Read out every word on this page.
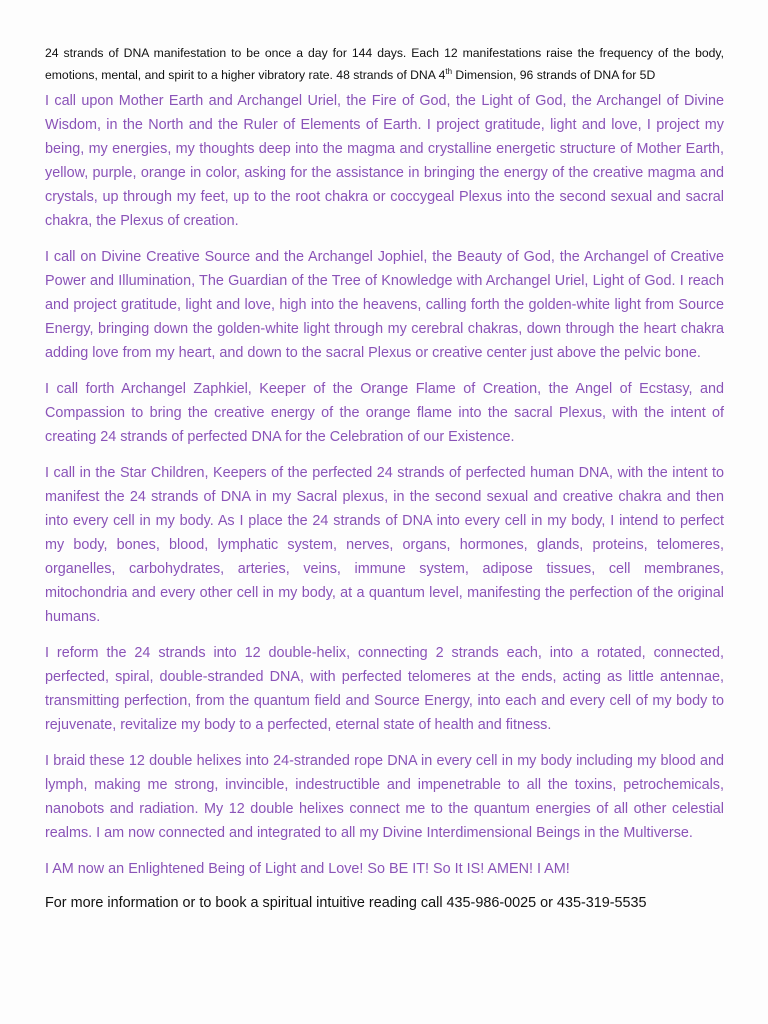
24 strands of DNA manifestation to be once a day for 144 days. Each 12 manifestations raise the frequency of the body, emotions, mental, and spirit to a higher vibratory rate. 48 strands of DNA 4th Dimension, 96 strands of DNA for 5D

I call upon Mother Earth and Archangel Uriel, the Fire of God, the Light of God, the Archangel of Divine Wisdom, in the North and the Ruler of Elements of Earth. I project gratitude, light and love, I project my being, my energies, my thoughts deep into the magma and crystalline energetic structure of Mother Earth, yellow, purple, orange in color, asking for the assistance in bringing the energy of the creative magma and crystals, up through my feet, up to the root chakra or coccygeal Plexus into the second sexual and sacral chakra, the Plexus of creation.

I call on Divine Creative Source and the Archangel Jophiel, the Beauty of God, the Archangel of Creative Power and Illumination, The Guardian of the Tree of Knowledge with Archangel Uriel, Light of God. I reach and project gratitude, light and love, high into the heavens, calling forth the golden-white light from Source Energy, bringing down the golden-white light through my cerebral chakras, down through the heart chakra adding love from my heart, and down to the sacral Plexus or creative center just above the pelvic bone.

I call forth Archangel Zaphkiel, Keeper of the Orange Flame of Creation, the Angel of Ecstasy, and Compassion to bring the creative energy of the orange flame into the sacral Plexus, with the intent of creating 24 strands of perfected DNA for the Celebration of our Existence.

I call in the Star Children, Keepers of the perfected 24 strands of perfected human DNA, with the intent to manifest the 24 strands of DNA in my Sacral plexus, in the second sexual and creative chakra and then into every cell in my body. As I place the 24 strands of DNA into every cell in my body, I intend to perfect my body, bones, blood, lymphatic system, nerves, organs, hormones, glands, proteins, telomeres, organelles, carbohydrates, arteries, veins, immune system, adipose tissues, cell membranes, mitochondria and every other cell in my body, at a quantum level, manifesting the perfection of the original humans.

I reform the 24 strands into 12 double-helix, connecting 2 strands each, into a rotated, connected, perfected, spiral, double-stranded DNA, with perfected telomeres at the ends, acting as little antennae, transmitting perfection, from the quantum field and Source Energy, into each and every cell of my body to rejuvenate, revitalize my body to a perfected, eternal state of health and fitness.

I braid these 12 double helixes into 24-stranded rope DNA in every cell in my body including my blood and lymph, making me strong, invincible, indestructible and impenetrable to all the toxins, petrochemicals, nanobots and radiation. My 12 double helixes connect me to the quantum energies of all other celestial realms. I am now connected and integrated to all my Divine Interdimensional Beings in the Multiverse.

I AM now an Enlightened Being of Light and Love! So BE IT! So It IS! AMEN! I AM!

For more information or to book a spiritual intuitive reading call 435-986-0025 or 435-319-5535
